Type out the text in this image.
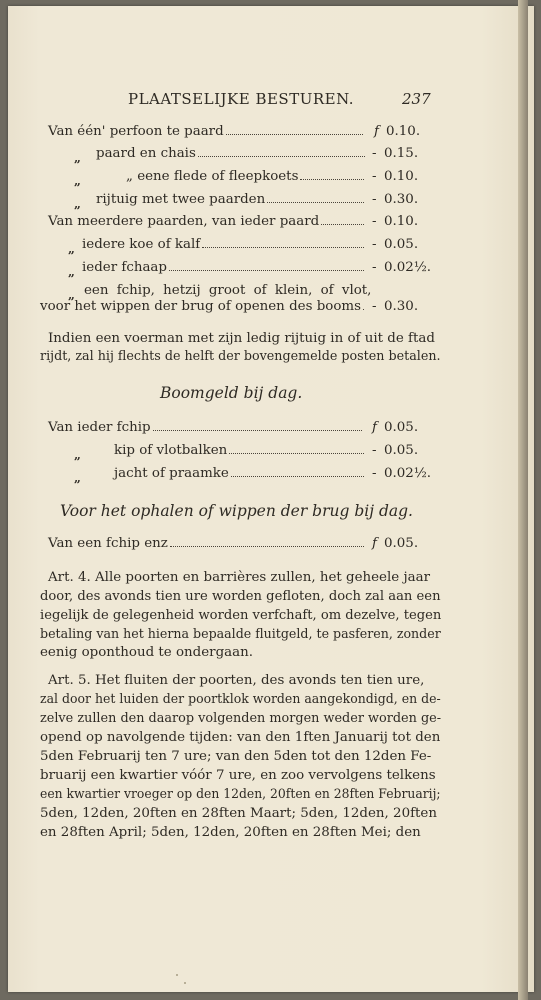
PLAATSELIJKE BESTUREN.	237
Van één' perfoon te paard	f 0.10.
„ paard en chais	- 0.15.
„	„ eene flede of fleepkoets	- 0.10.
„ rijtuig met twee paarden	- 0.30.
Van meerdere paarden, van ieder paard	- 0.10.
„ iedere koe of kalf	- 0.05.
„ ieder fchaap	- 0.02½.
„ een fchip, hetzij groot of klein, of vlot,
voor het wippen der brug of openen des booms - 0.30.
Indien een voerman met zijn ledig rijtuig in of uit de ftad
rijdt, zal hij flechts de helft der bovengemelde posten betalen.
Boomgeld bij dag.
Van ieder fchip	f 0.05.
„ kip of vlotbalken	- 0.05.
„ jacht of praamke	- 0.02½.
Voor het ophalen of wippen der brug bij dag.
Van een fchip enz	f 0.05.
Art. 4. Alle poorten en barrières zullen, het geheele jaar
door, des avonds tien ure worden gefloten, doch zal aan een
iegelijk de gelegenheid worden verfchaft, om dezelve, tegen
betaling van het hierna bepaalde fluitgeld, te pasferen, zonder
eenig oponthoud te ondergaan.
Art. 5. Het fluiten der poorten, des avonds ten tien ure,
zal door het luiden der poortklok worden aangekondigd, en de-
zelve zullen den daarop volgenden morgen weder worden ge-
opend op navolgende tijden: van den 1ften Januarij tot den
5den Februarij ten 7 ure; van den 5den tot den 12den Fe-
bruarij een kwartier vóór 7 ure, en zoo vervolgens telkens
een kwartier vroeger op den 12den, 20ften en 28ften Februarij;
5den, 12den, 20ften en 28ften Maart; 5den, 12den, 20ften
en 28ften April; 5den, 12den, 20ften en 28ften Mei; den
